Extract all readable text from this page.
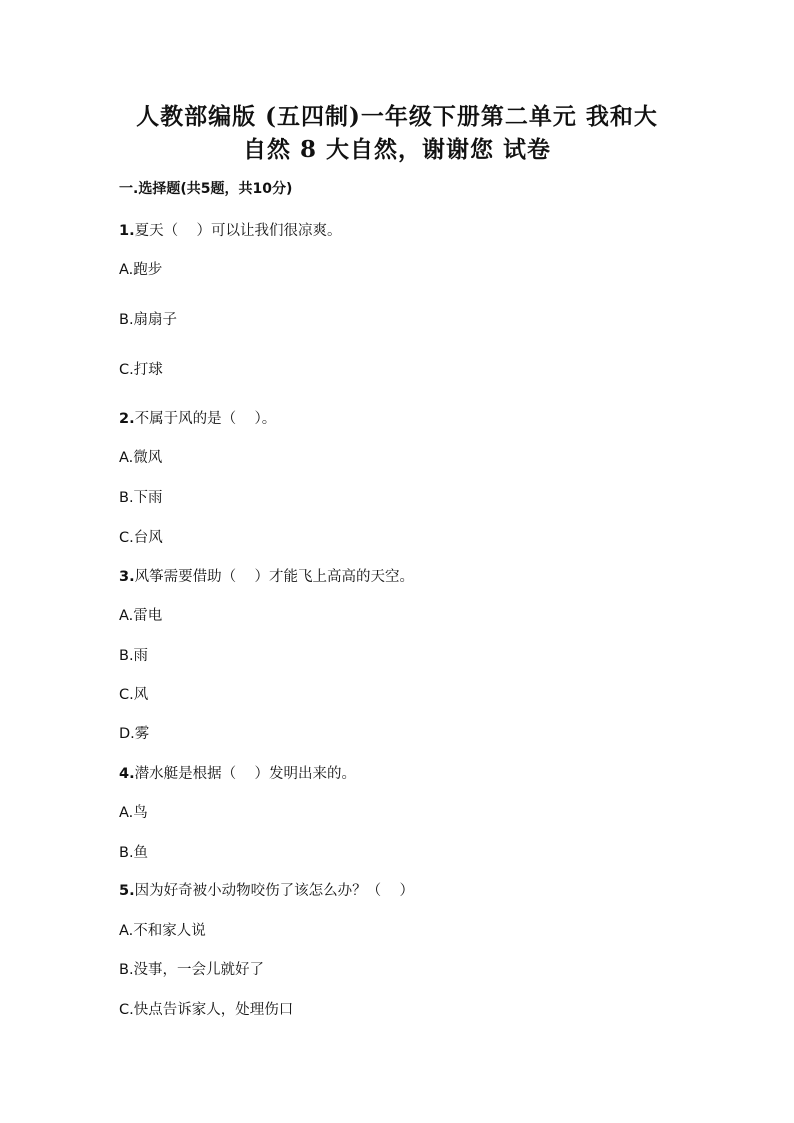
人教部编版 (五四制)一年级下册第二单元 我和大
自然 8 大自然，谢谢您 试卷
一.选择题(共5题，共10分)
1.夏天（    ）可以让我们很凉爽。
A.跑步
B.扇扇子
C.打球
2.不属于风的是（    ）。
A.微风
B.下雨
C.台风
3.风筝需要借助（    ）才能飞上高高的天空。
A.雷电
B.雨
C.风
D.雾
4.潜水艇是根据（    ）发明出来的。
A.鸟
B.鱼
5.因为好奇被小动物咬伤了该怎么办？（    ）
A.不和家人说
B.没事，一会儿就好了
C.快点告诉家人，处理伤口
